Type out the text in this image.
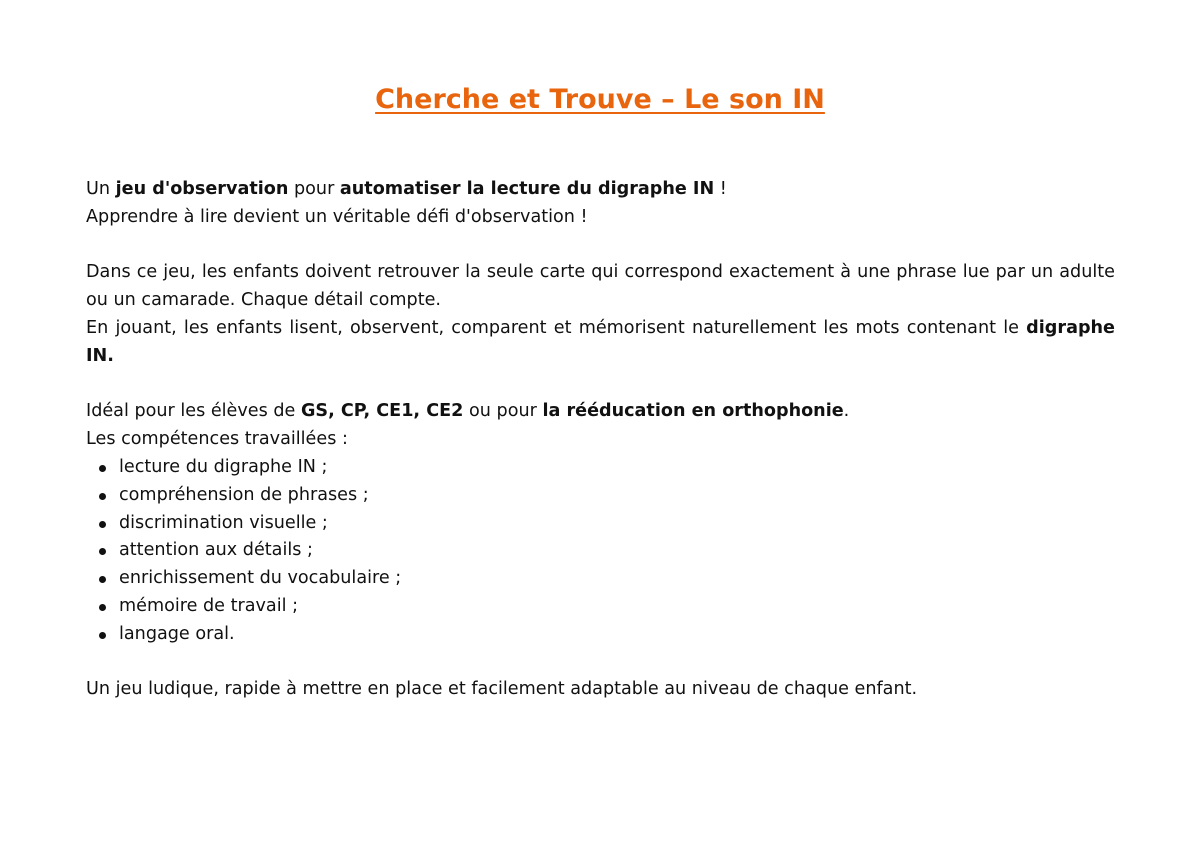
Cherche et Trouve – Le son IN

Un jeu d'observation pour automatiser la lecture du digraphe IN !

Apprendre à lire devient un véritable défi d'observation !

Dans ce jeu, les enfants doivent retrouver la seule carte qui correspond exactement à une phrase lue par un adulte ou un camarade. Chaque détail compte.

En jouant, les enfants lisent, observent, comparent et mémorisent naturellement les mots contenant le digraphe IN.

Idéal pour les élèves de GS, CP, CE1, CE2 ou pour la rééducation en orthophonie.

Les compétences travaillées :

lecture du digraphe IN ;
compréhension de phrases ;
discrimination visuelle ;
attention aux détails ;
enrichissement du vocabulaire ;
mémoire de travail ;
langage oral.

Un jeu ludique, rapide à mettre en place et facilement adaptable au niveau de chaque enfant.
